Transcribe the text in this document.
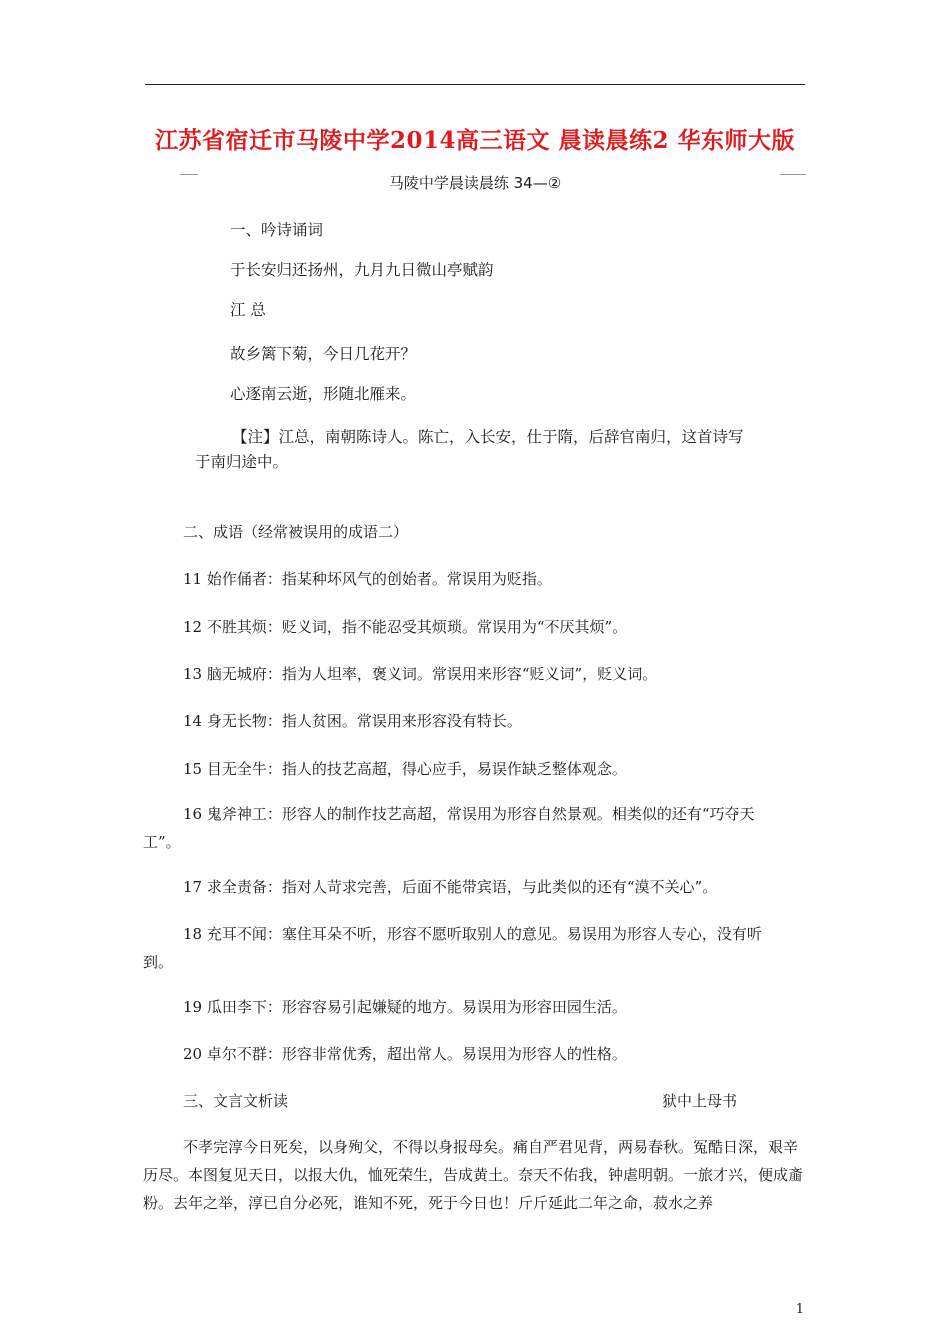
江苏省宿迁市马陵中学2014高三语文 晨读晨练2 华东师大版
马陵中学晨读晨练 34—②
一、吟诗诵词
于长安归还扬州，九月九日微山亭赋韵
江 总
故乡篱下菊，今日几花开？
心逐南云逝，形随北雁来。
【注】江总，南朝陈诗人。陈亡，入长安，仕于隋，后辞官南归，这首诗写
于南归途中。
二、成语（经常被误用的成语二）
11 始作俑者：指某种坏风气的创始者。常误用为贬指。
12 不胜其烦：贬义词，指不能忍受其烦琐。常误用为“不厌其烦”。
13 脑无城府：指为人坦率，褒义词。常误用来形容“贬义词”，贬义词。
14 身无长物：指人贫困。常误用来形容没有特长。
15 目无全牛：指人的技艺高超，得心应手，易误作缺乏整体观念。
16 鬼斧神工：形容人的制作技艺高超，常误用为形容自然景观。相类似的还有“巧夺天工”。
17 求全责备：指对人苛求完善，后面不能带宾语，与此类似的还有“漠不关心”。
18 充耳不闻：塞住耳朵不听，形容不愿听取别人的意见。易误用为形容人专心，没有听到。
19 瓜田李下：形容容易引起嫌疑的地方。易误用为形容田园生活。
20 卓尔不群：形容非常优秀，超出常人。易误用为形容人的性格。
三、文言文析读	狱中上母书
不孝完淳今日死矣，以身殉父，不得以身报母矣。痛自严君见背，两易春秋。冤酷日深，艰辛历尽。本图复见天日，以报大仇，恤死荣生，告成黄土。奈天不佑我，钟虐明朝。一旅才兴，便成齑粉。去年之举，淳已自分必死，谁知不死，死于今日也！斤斤延此二年之命，菽水之养
1
